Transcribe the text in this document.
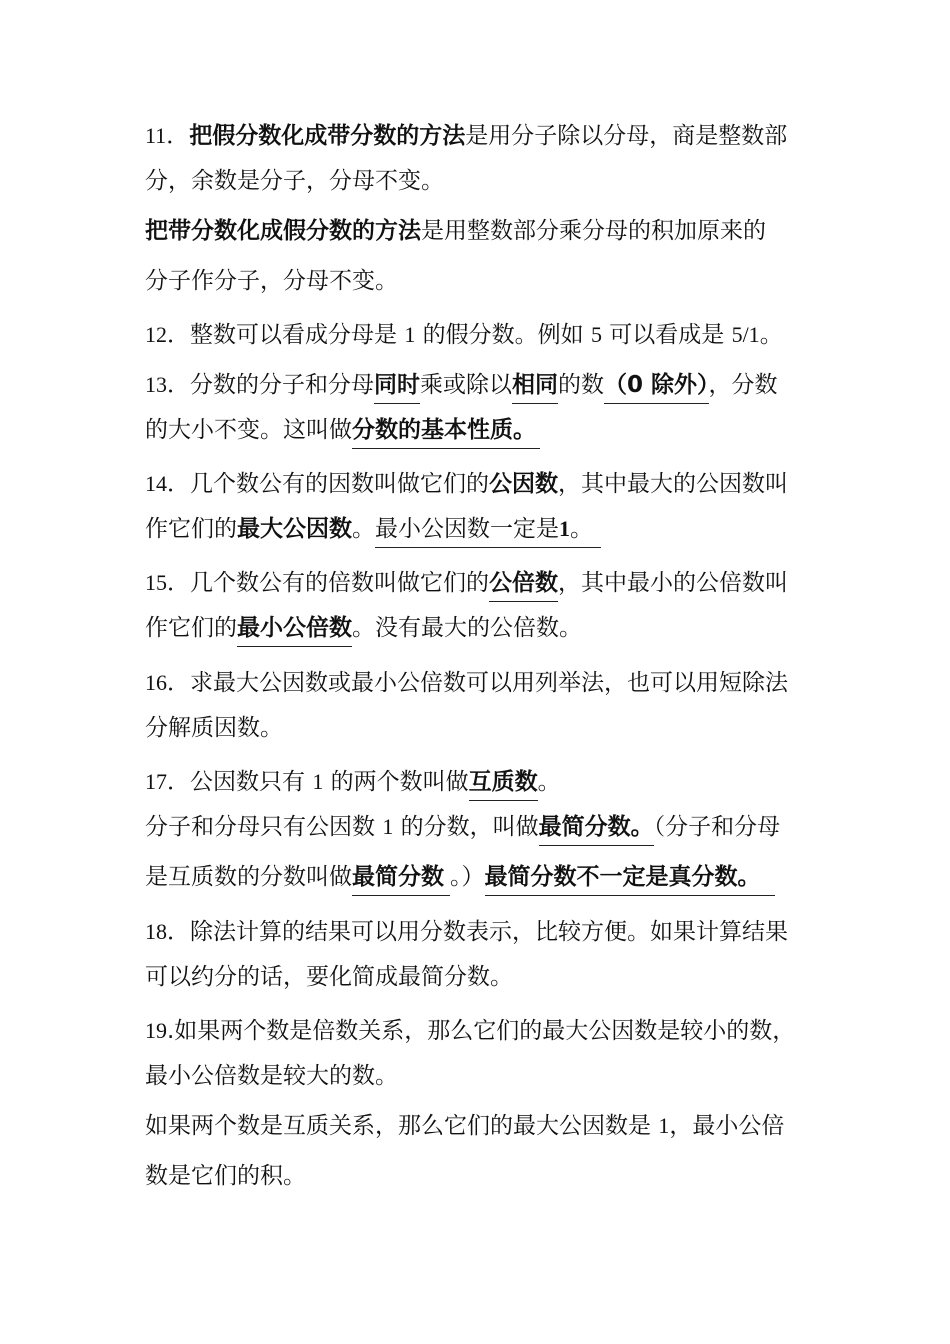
11．把假分数化成带分数的方法是用分子除以分母，商是整数部
分，余数是分子，分母不变。
把带分数化成假分数的方法是用整数部分乘分母的积加原来的
分子作分子，分母不变。
12．整数可以看成分母是 1 的假分数。例如 5 可以看成是 5/1。
13．分数的分子和分母同时乘或除以相同的数（0 除外），分数
的大小不变。这叫做分数的基本性质。
14．几个数公有的因数叫做它们的公因数，其中最大的公因数叫
作它们的最大公因数。最小公因数一定是1。
15．几个数公有的倍数叫做它们的公倍数，其中最小的公倍数叫
作它们的最小公倍数。没有最大的公倍数。
16．求最大公因数或最小公倍数可以用列举法，也可以用短除法
分解质因数。
17．公因数只有 1 的两个数叫做互质数。
分子和分母只有公因数 1 的分数，叫做最简分数。（分子和分母
是互质数的分数叫做最简分数 。）最简分数不一定是真分数。
18．除法计算的结果可以用分数表示，比较方便。如果计算结果
可以约分的话，要化简成最简分数。
19.如果两个数是倍数关系，那么它们的最大公因数是较小的数，
最小公倍数是较大的数。
如果两个数是互质关系，那么它们的最大公因数是 1，最小公倍
数是它们的积。
